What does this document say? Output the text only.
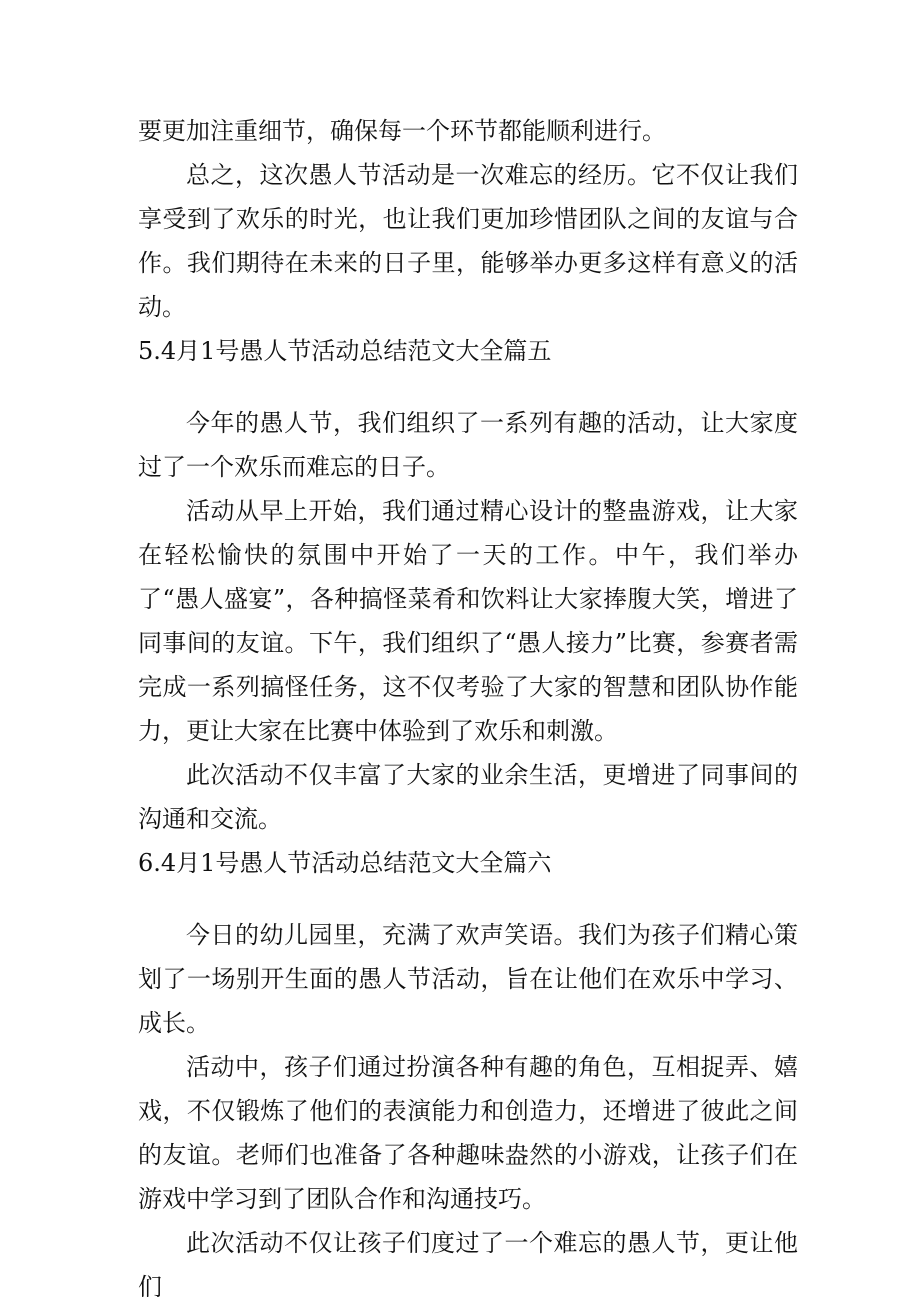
要更加注重细节，确保每一个环节都能顺利进行。

总之，这次愚人节活动是一次难忘的经历。它不仅让我们享受到了欢乐的时光，也让我们更加珍惜团队之间的友谊与合作。我们期待在未来的日子里，能够举办更多这样有意义的活动。

5.4月1号愚人节活动总结范文大全篇五

今年的愚人节，我们组织了一系列有趣的活动，让大家度过了一个欢乐而难忘的日子。

活动从早上开始，我们通过精心设计的整蛊游戏，让大家在轻松愉快的氛围中开始了一天的工作。中午，我们举办了“愚人盛宴”，各种搞怪菜肴和饮料让大家捧腹大笑，增进了同事间的友谊。下午，我们组织了“愚人接力”比赛，参赛者需完成一系列搞怪任务，这不仅考验了大家的智慧和团队协作能力，更让大家在比赛中体验到了欢乐和刺激。

此次活动不仅丰富了大家的业余生活，更增进了同事间的沟通和交流。

6.4月1号愚人节活动总结范文大全篇六

今日的幼儿园里，充满了欢声笑语。我们为孩子们精心策划了一场别开生面的愚人节活动，旨在让他们在欢乐中学习、成长。

活动中，孩子们通过扮演各种有趣的角色，互相捉弄、嬉戏，不仅锻炼了他们的表演能力和创造力，还增进了彼此之间的友谊。老师们也准备了各种趣味盎然的小游戏，让孩子们在游戏中学习到了团队合作和沟通技巧。

此次活动不仅让孩子们度过了一个难忘的愚人节，更让他们
